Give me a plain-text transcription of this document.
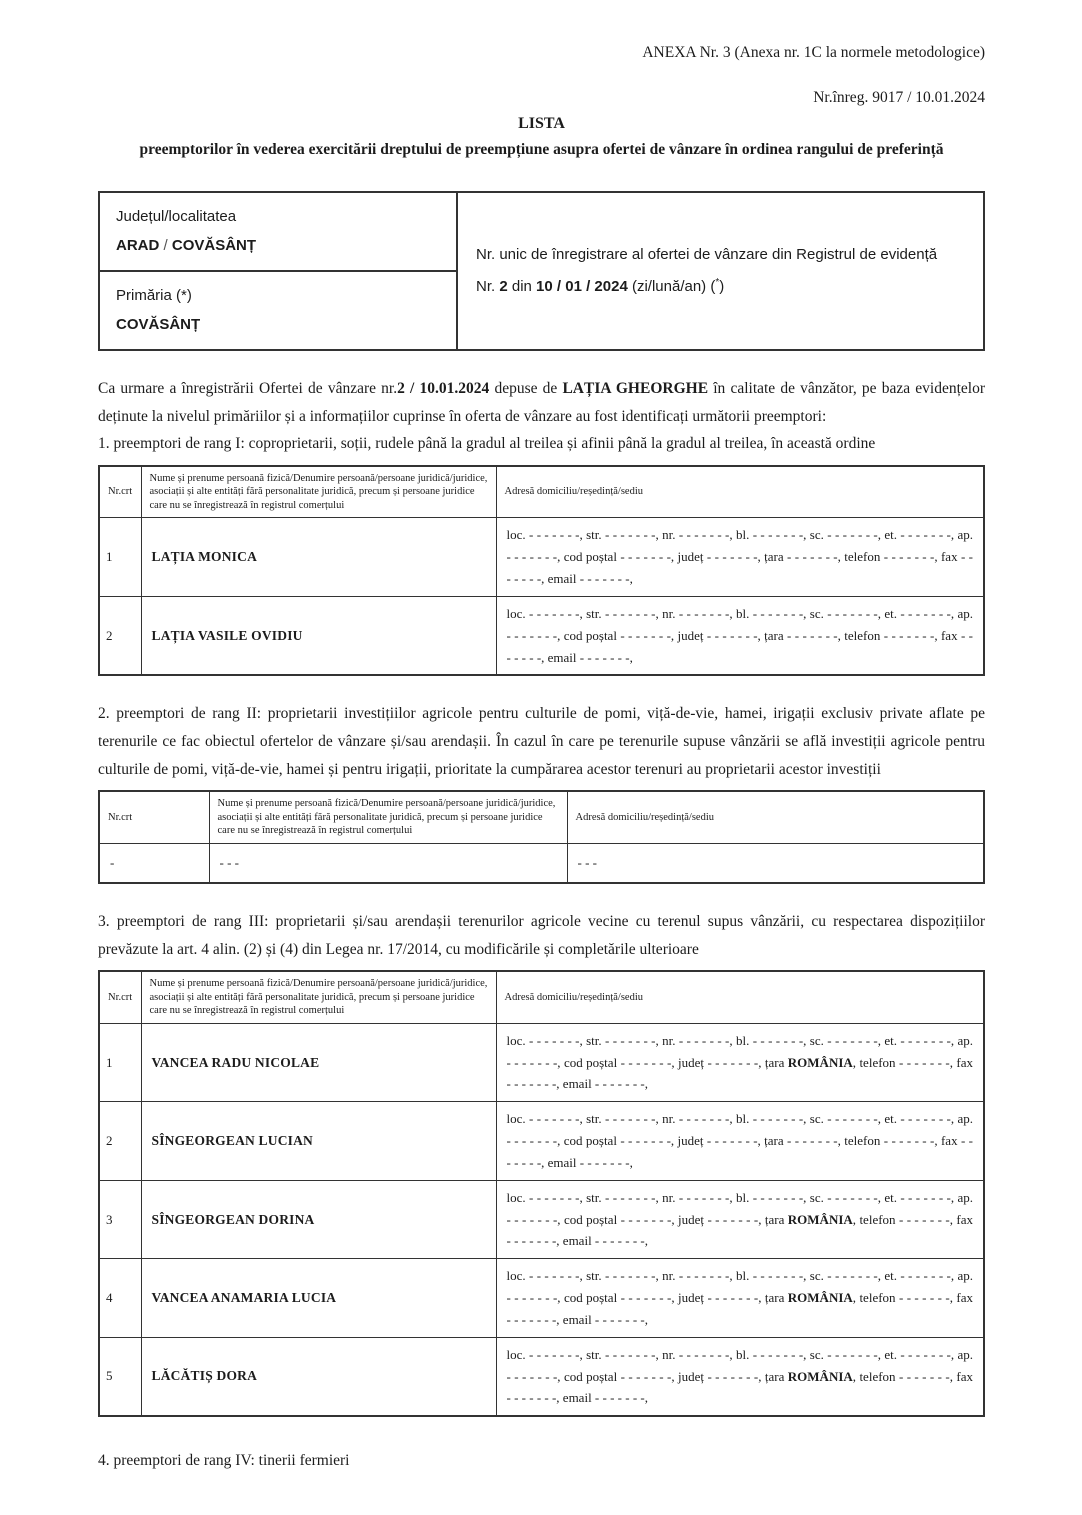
ANEXA Nr. 3 (Anexa nr. 1C la normele metodologice)
Nr.înreg. 9017 / 10.01.2024
LISTA
preemptorilor în vederea exercitării dreptului de preempțiune asupra ofertei de vânzare în ordinea rangului de preferință
Județul/localitatea
ARAD / COVĂSÂNȚ

Nr. unic de înregistrare al ofertei de vânzare din Registrul de evidență
Nr. 2 din 10 / 01 / 2024 (zi/lună/an) (*)

Primăria (*)
COVĂSÂNȚ

Ca urmare a înregistrării Ofertei de vânzare nr.2 / 10.01.2024 depuse de LAȚIA GHEORGHE în calitate de vânzător, pe baza evidențelor deținute la nivelul primăriilor și a informațiilor cuprinse în oferta de vânzare au fost identificați următorii preemptori:

1. preemptori de rang I: coproprietarii, soții, rudele până la gradul al treilea și afinii până la gradul al treilea, în această ordine

Nr.crt	Nume și prenume persoană fizică/Denumire persoană/persoane juridică/juridice, asociații și alte entități fără personalitate juridică, precum și persoane juridice care nu se înregistrează în registrul comerțului	Adresă domiciliu/reședință/sediu
1	LAȚIA MONICA	loc. - - - - - - -, str. - - - - - - -, nr. - - - - - - -, bl. - - - - - - -, sc. - - - - - - -, et. - - - - - - -, ap. - - - - - - -, cod poștal - - - - - - -, județ - - - - - - -, țara - - - - - - -, telefon - - - - - - -, fax - - - - - - -, email - - - - - - -,
2	LAȚIA VASILE OVIDIU	loc. - - - - - - -, str. - - - - - - -, nr. - - - - - - -, bl. - - - - - - -, sc. - - - - - - -, et. - - - - - - -, ap. - - - - - - -, cod poștal - - - - - - -, județ - - - - - - -, țara - - - - - - -, telefon - - - - - - -, fax - - - - - - -, email - - - - - - -,

2. preemptori de rang II: proprietarii investițiilor agricole pentru culturile de pomi, viță-de-vie, hamei, irigații exclusiv private aflate pe terenurile ce fac obiectul ofertelor de vânzare și/sau arendașii. În cazul în care pe terenurile supuse vânzării se află investiții agricole pentru culturile de pomi, viță-de-vie, hamei și pentru irigații, prioritate la cumpărarea acestor terenuri au proprietarii acestor investiții

Nr.crt	Nume și prenume persoană fizică/Denumire persoană/persoane juridică/juridice, asociații și alte entități fără personalitate juridică, precum și persoane juridice care nu se înregistrează în registrul comerțului	Adresă domiciliu/reședință/sediu
-	- - -	- - -

3. preemptori de rang III: proprietarii și/sau arendașii terenurilor agricole vecine cu terenul supus vânzării, cu respectarea dispozițiilor prevăzute la art. 4 alin. (2) și (4) din Legea nr. 17/2014, cu modificările și completările ulterioare

Nr.crt	Nume și prenume persoană fizică/Denumire persoană/persoane juridică/juridice, asociații și alte entități fără personalitate juridică, precum și persoane juridice care nu se înregistrează în registrul comerțului	Adresă domiciliu/reședință/sediu
1	VANCEA RADU NICOLAE	loc. - - - - - - -, str. - - - - - - -, nr. - - - - - - -, bl. - - - - - - -, sc. - - - - - - -, et. - - - - - - -, ap. - - - - - - -, cod poștal - - - - - - -, județ - - - - - - -, țara ROMÂNIA, telefon - - - - - - -, fax - - - - - - -, email - - - - - - -,
2	SÎNGEORGEAN LUCIAN	loc. - - - - - - -, str. - - - - - - -, nr. - - - - - - -, bl. - - - - - - -, sc. - - - - - - -, et. - - - - - - -, ap. - - - - - - -, cod poștal - - - - - - -, județ - - - - - - -, țara - - - - - - -, telefon - - - - - - -, fax - - - - - - -, email - - - - - - -,
3	SÎNGEORGEAN DORINA	loc. - - - - - - -, str. - - - - - - -, nr. - - - - - - -, bl. - - - - - - -, sc. - - - - - - -, et. - - - - - - -, ap. - - - - - - -, cod poștal - - - - - - -, județ - - - - - - -, țara ROMÂNIA, telefon - - - - - - -, fax - - - - - - -, email - - - - - - -,
4	VANCEA ANAMARIA LUCIA	loc. - - - - - - -, str. - - - - - - -, nr. - - - - - - -, bl. - - - - - - -, sc. - - - - - - -, et. - - - - - - -, ap. - - - - - - -, cod poștal - - - - - - -, județ - - - - - - -, țara ROMÂNIA, telefon - - - - - - -, fax - - - - - - -, email - - - - - - -,
5	LĂCĂTIȘ DORA	loc. - - - - - - -, str. - - - - - - -, nr. - - - - - - -, bl. - - - - - - -, sc. - - - - - - -, et. - - - - - - -, ap. - - - - - - -, cod poștal - - - - - - -, județ - - - - - - -, țara ROMÂNIA, telefon - - - - - - -, fax - - - - - - -, email - - - - - - -,

4. preemptori de rang IV: tinerii fermieri
